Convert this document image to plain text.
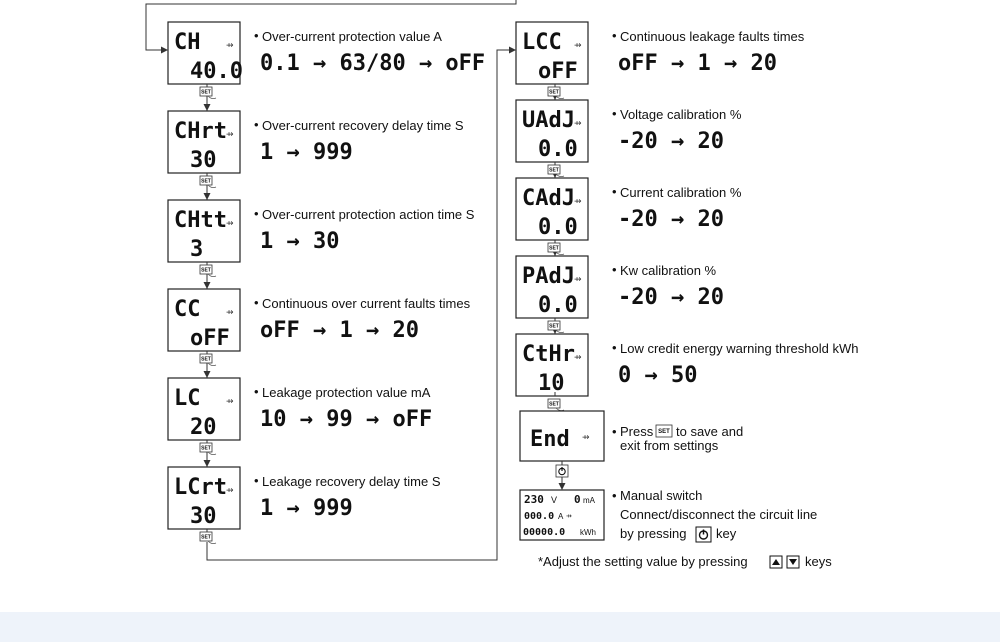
CH
40.0
⇸
• Over-current protection value A
0.1 → 63/80 → oFF
SET
CHrt
30
⇸
• Over-current recovery delay time S
1 → 999
SET
CHtt
3
⇸
• Over-current protection action time S
1 → 30
SET
CC
oFF
⇸
• Continuous over current faults times
oFF → 1 → 20
SET
LC
20
⇸
• Leakage protection value mA
10 → 99 → oFF
SET
LCrt
30
⇸
• Leakage recovery delay time S
1 → 999
SET
LCC
oFF
⇸
• Continuous leakage faults times
oFF → 1 → 20
SET
UAdJ
0.0
⇸
• Voltage calibration %
-20 → 20
SET
CAdJ
0.0
⇸
• Current calibration %
-20 → 20
SET
PAdJ
0.0
⇸
• Kw calibration %
-20 → 20
SET
CtHr
10
⇸
• Low credit energy warning threshold kWh
0 → 50
SET
End ⇸ • Press SET to save and
exit from settings
230 V 0 mA
000.0 A ⇸
00000.0 kWh
• Manual switch
Connect/disconnect the circuit line
by pressing key
*Adjust the setting value by pressing	keys
